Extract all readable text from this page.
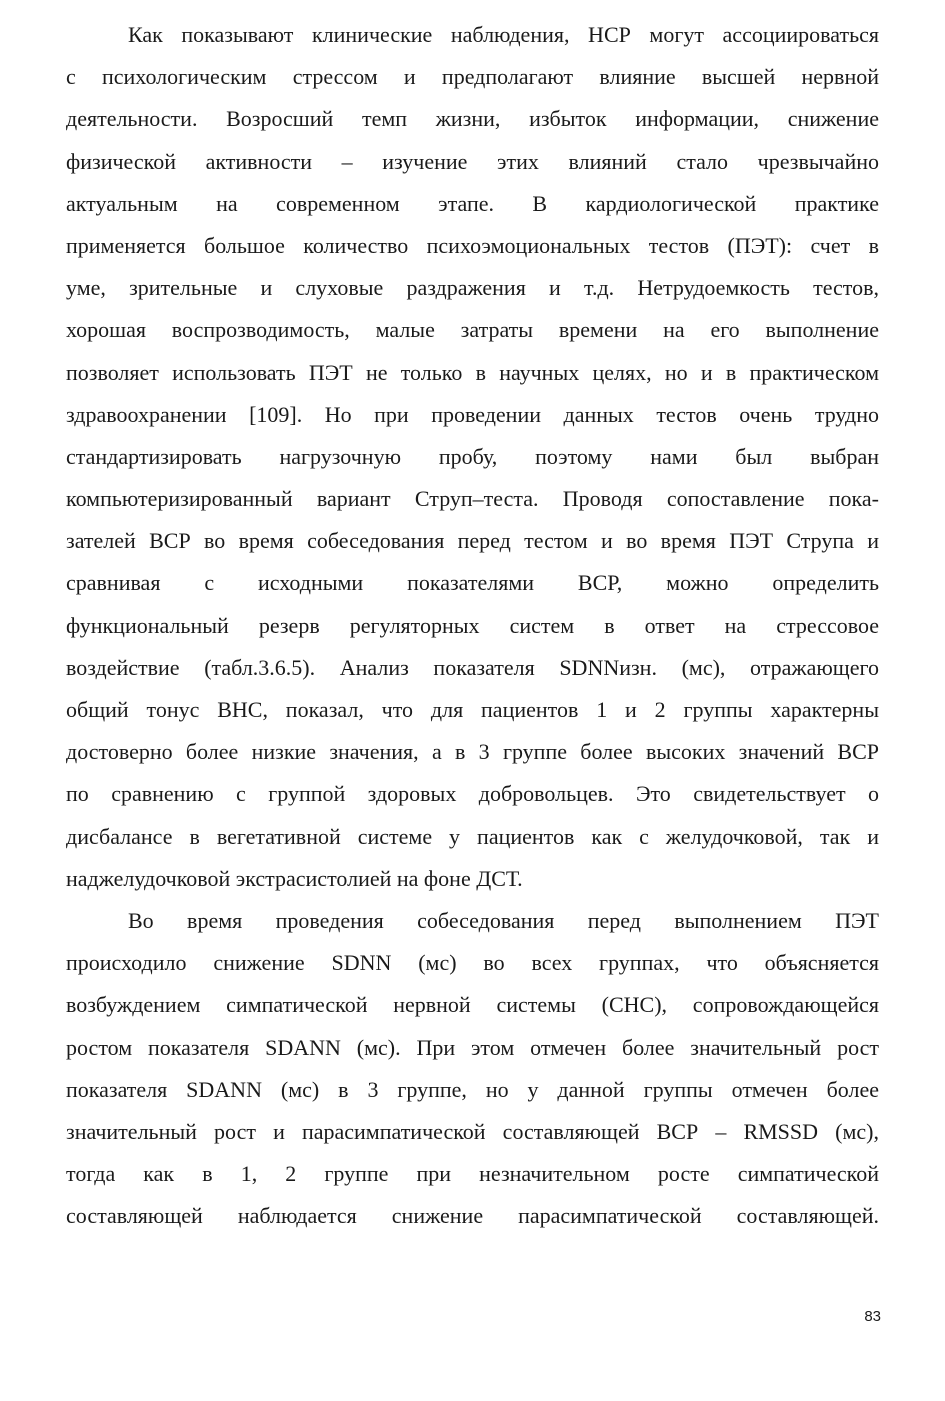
Как показывают клинические наблюдения, НСР могут ассоциироваться
с психологическим стрессом и предполагают влияние высшей нервной
деятельности. Возросший темп жизни, избыток информации, снижение
физической активности – изучение этих влияний стало чрезвычайно
актуальным на современном этапе. В кардиологической практике
применяется большое количество психоэмоциональных тестов (ПЭТ): счет в
уме, зрительные и слуховые раздражения и т.д. Нетрудоемкость тестов,
хорошая воспрозводимость, малые затраты времени на его выполнение
позволяет использовать ПЭТ не только в научных целях, но и в практическом
здравоохранении [109]. Но при проведении данных тестов очень трудно
стандартизировать нагрузочную пробу, поэтому нами был выбран
компьютеризированный вариант Струп–теста. Проводя сопоставление пока-
зателей ВСР во время собеседования перед тестом и во время ПЭТ Струпа и
сравнивая с исходными показателями ВСР, можно определить
функциональный резерв регуляторных систем в ответ на стрессовое
воздействие (табл.3.6.5). Анализ показателя SDNNизн. (мс), отражающего
общий тонус ВНС, показал, что для пациентов 1 и 2 группы характерны
достоверно более низкие значения, а в 3 группе более высоких значений ВСР
по сравнению с группой здоровых добровольцев. Это свидетельствует о
дисбалансе в вегетативной системе у пациентов как с желудочковой, так и
наджелудочковой экстрасистолией на фоне ДСТ.
Во время проведения собеседования перед выполнением ПЭТ
происходило снижение SDNN (мс) во всех группах, что объясняется
возбуждением симпатической нервной системы (СНС), сопровождающейся
ростом показателя SDANN (мс). При этом отмечен более значительный рост
показателя SDANN (мс) в 3 группе, но у данной группы отмечен более
значительный рост и парасимпатической составляющей ВСР – RMSSD (мс),
тогда как в 1, 2 группе при незначительном росте симпатической
составляющей наблюдается снижение парасимпатической составляющей.
83
